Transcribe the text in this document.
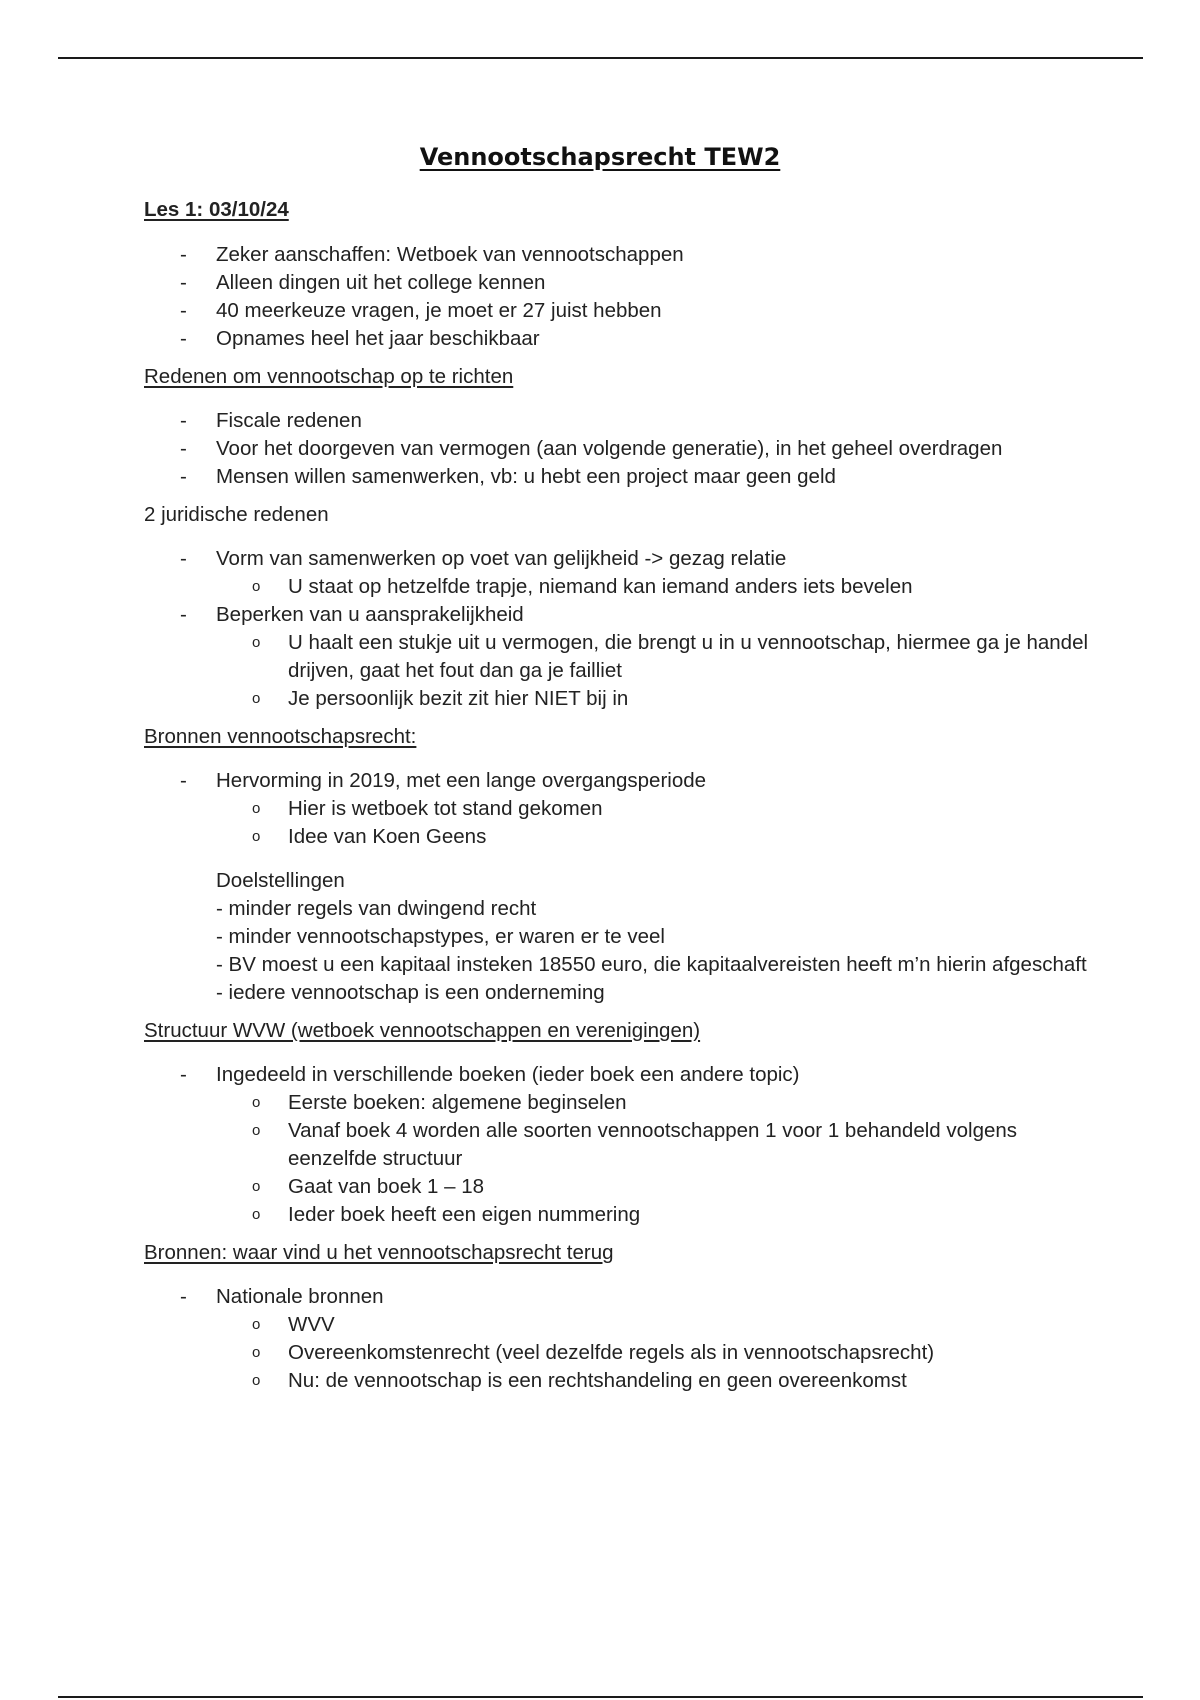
Vennootschapsrecht TEW2
Les 1: 03/10/24
- Zeker aanschaffen: Wetboek van vennootschappen
- Alleen dingen uit het college kennen
- 40 meerkeuze vragen, je moet er 27 juist hebben
- Opnames heel het jaar beschikbaar
Redenen om vennootschap op te richten
- Fiscale redenen
- Voor het doorgeven van vermogen (aan volgende generatie), in het geheel overdragen
- Mensen willen samenwerken, vb: u hebt een project maar geen geld
2 juridische redenen
- Vorm van samenwerken op voet van gelijkheid -> gezag relatie
o U staat op hetzelfde trapje, niemand kan iemand anders iets bevelen
- Beperken van u aansprakelijkheid
o U haalt een stukje uit u vermogen, die brengt u in u vennootschap, hiermee ga je handel drijven, gaat het fout dan ga je failliet
o Je persoonlijk bezit zit hier NIET bij in
Bronnen vennootschapsrecht:
- Hervorming in 2019, met een lange overgangsperiode
o Hier is wetboek tot stand gekomen
o Idee van Koen Geens
Doelstellingen
- minder regels van dwingend recht
- minder vennootschapstypes, er waren er te veel
- BV moest u een kapitaal insteken 18550 euro, die kapitaalvereisten heeft m’n hierin afgeschaft
- iedere vennootschap is een onderneming
Structuur WVW (wetboek vennootschappen en verenigingen)
- Ingedeeld in verschillende boeken (ieder boek een andere topic)
o Eerste boeken: algemene beginselen
o Vanaf boek 4 worden alle soorten vennootschappen 1 voor 1 behandeld volgens eenzelfde structuur
o Gaat van boek 1 – 18
o Ieder boek heeft een eigen nummering
Bronnen: waar vind u het vennootschapsrecht terug
- Nationale bronnen
o WVV
o Overeenkomstenrecht (veel dezelfde regels als in vennootschapsrecht)
o Nu: de vennootschap is een rechtshandeling en geen overeenkomst
